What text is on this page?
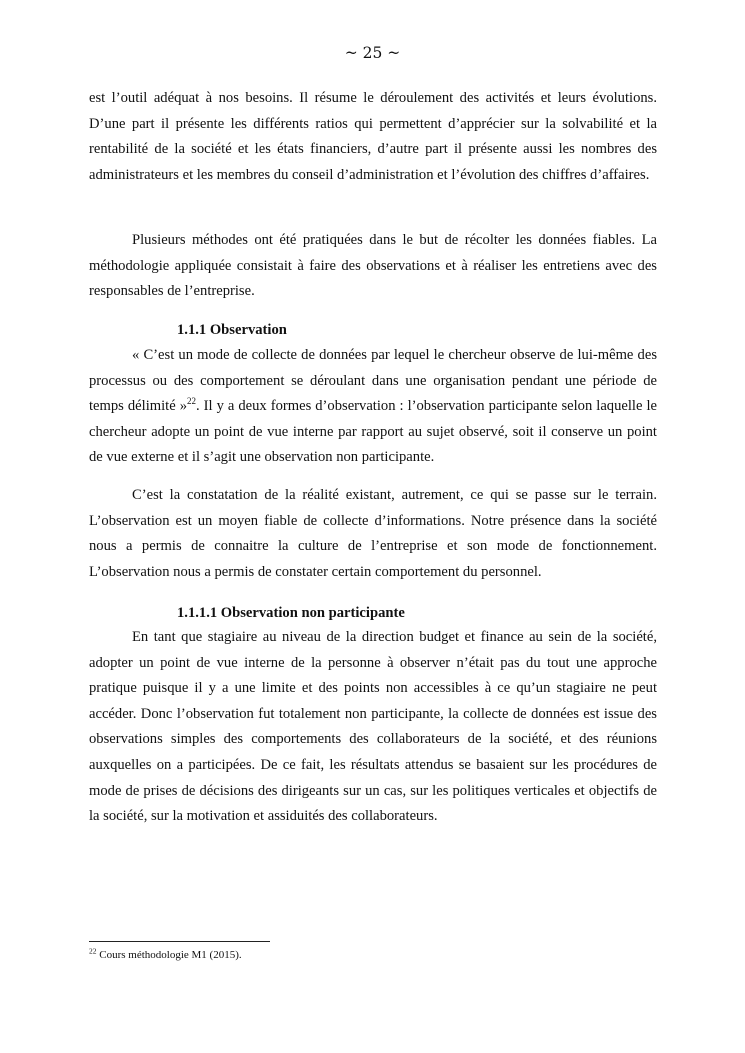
~ 25 ~

est l’outil adéquat à nos besoins. Il résume le déroulement des activités et leurs évolutions. D’une part il présente les différents ratios qui permettent d’apprécier sur la solvabilité et la rentabilité de la société et les états financiers, d’autre part il présente aussi les nombres des administrateurs et les membres du conseil d’administration et l’évolution des chiffres d’affaires.

Plusieurs méthodes ont été pratiquées dans le but de récolter les données fiables. La méthodologie appliquée consistait à faire des observations et à réaliser les entretiens avec des responsables de l’entreprise.

1.1.1 Observation

« C’est un mode de collecte de données par lequel le chercheur observe de lui-même des processus ou des comportement se déroulant dans une organisation pendant une période de temps délimité »$^{22}$. Il y a deux formes d’observation : l’observation participante selon laquelle le chercheur adopte un point de vue interne par rapport au sujet observé, soit il conserve un point de vue externe et il s’agit une observation non participante.

C’est la constatation de la réalité existant, autrement, ce qui se passe sur le terrain. L’observation est un moyen fiable de collecte d’informations. Notre présence dans la société nous a permis de connaitre la culture de l’entreprise et son mode de fonctionnement. L’observation nous a permis de constater certain comportement du personnel.

1.1.1.1 Observation non participante

En tant que stagiaire au niveau de la direction budget et finance au sein de la société, adopter un point de vue interne de la personne à observer n’était pas du tout une approche pratique puisque il y a une limite et des points non accessibles à ce qu’un stagiaire ne peut accéder. Donc l’observation fut totalement non participante, la collecte de données est issue des observations simples des comportements des collaborateurs de la société, et des réunions auxquelles on a participées. De ce fait, les résultats attendus se basaient sur les procédures de mode de prises de décisions des dirigeants sur un cas, sur les politiques verticales et objectifs de la société, sur la motivation et assiduités des collaborateurs.

$^{22}$ Cours méthodologie M1 (2015).
